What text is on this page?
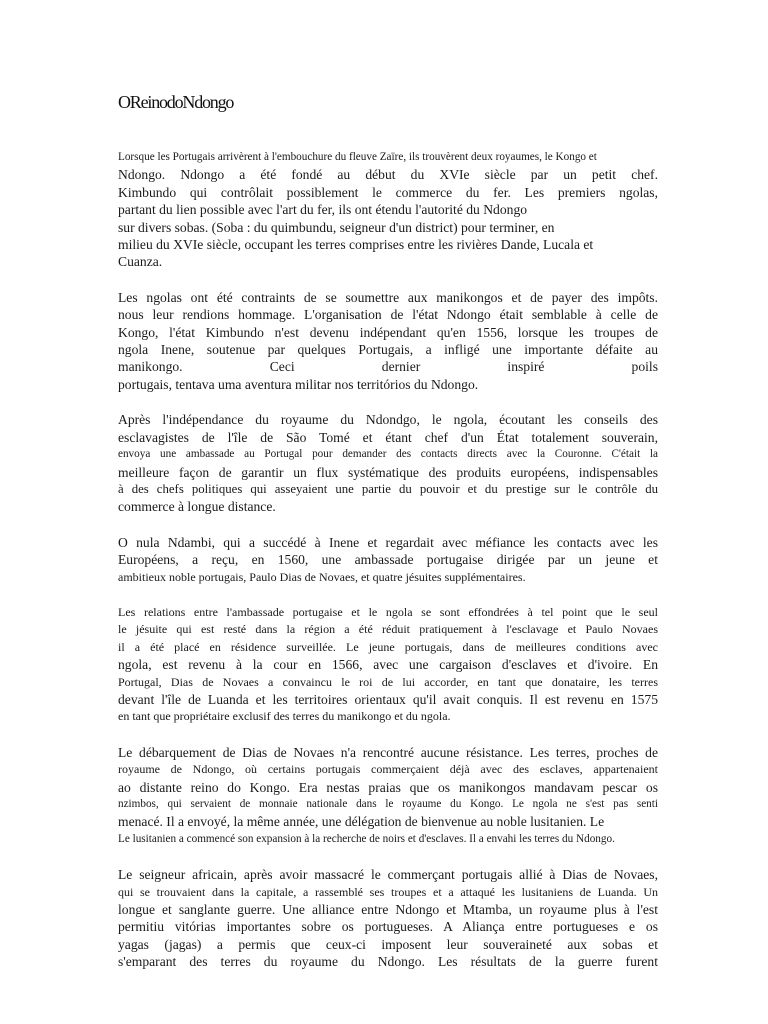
OReinodoNdongo

Lorsque les Portugais arrivèrent à l'embouchure du fleuve Zaïre, ils trouvèrent deux royaumes, le Kongo et
Ndongo. Ndongo a été fondé au début du XVIe siècle par un petit chef.
Kimbundo qui contrôlait possiblement le commerce du fer. Les premiers ngolas,
partant du lien possible avec l'art du fer, ils ont étendu l'autorité du Ndongo
sur divers sobas. (Soba : du quimbundu, seigneur d'un district) pour terminer, en
milieu du XVIe siècle, occupant les terres comprises entre les rivières Dande, Lucala et
Cuanza.

Les ngolas ont été contraints de se soumettre aux manikongos et de payer des impôts.
nous leur rendions hommage. L'organisation de l'état Ndongo était semblable à celle de
Kongo, l'état Kimbundo n'est devenu indépendant qu'en 1556, lorsque les troupes de
ngola Inene, soutenue par quelques Portugais, a infligé une importante défaite au
manikongo. Ceci dernier inspiré poils
portugais, tentava uma aventura militar nos territórios du Ndongo.

Après l'indépendance du royaume du Ndondgo, le ngola, écoutant les conseils des
esclavagistes de l'île de São Tomé et étant chef d'un État totalement souverain,
envoya une ambassade au Portugal pour demander des contacts directs avec la Couronne. C'était la
meilleure façon de garantir un flux systématique des produits européens, indispensables
à des chefs politiques qui asseyaient une partie du pouvoir et du prestige sur le contrôle du
commerce à longue distance.

O nula Ndambi, qui a succédé à Inene et regardait avec méfiance les contacts avec les
Européens, a reçu, en 1560, une ambassade portugaise dirigée par un jeune et
ambitieux noble portugais, Paulo Dias de Novaes, et quatre jésuites supplémentaires.

Les relations entre l'ambassade portugaise et le ngola se sont effondrées à tel point que le seul
le jésuite qui est resté dans la région a été réduit pratiquement à l'esclavage et Paulo Novaes
il a été placé en résidence surveillée. Le jeune portugais, dans de meilleures conditions avec
ngola, est revenu à la cour en 1566, avec une cargaison d'esclaves et d'ivoire. En
Portugal, Dias de Novaes a convaincu le roi de lui accorder, en tant que donataire, les terres
devant l'île de Luanda et les territoires orientaux qu'il avait conquis. Il est revenu en 1575
en tant que propriétaire exclusif des terres du manikongo et du ngola.

Le débarquement de Dias de Novaes n'a rencontré aucune résistance. Les terres, proches de
royaume de Ndongo, où certains portugais commerçaient déjà avec des esclaves, appartenaient
ao distante reino do Kongo. Era nestas praias que os manikongos mandavam pescar os
nzimbos, qui servaient de monnaie nationale dans le royaume du Kongo. Le ngola ne s'est pas senti
menacé. Il a envoyé, la même année, une délégation de bienvenue au noble lusitanien. Le
Le lusitanien a commencé son expansion à la recherche de noirs et d'esclaves. Il a envahi les terres du Ndongo.

Le seigneur africain, après avoir massacré le commerçant portugais allié à Dias de Novaes,
qui se trouvaient dans la capitale, a rassemblé ses troupes et a attaqué les lusitaniens de Luanda. Un
longue et sanglante guerre. Une alliance entre Ndongo et Mtamba, un royaume plus à l'est
permitiu vitórias importantes sobre os portugueses. A Aliança entre portugueses e os
yagas (jagas) a permis que ceux-ci imposent leur souveraineté aux sobas et
s'emparant des terres du royaume du Ndongo. Les résultats de la guerre furent
